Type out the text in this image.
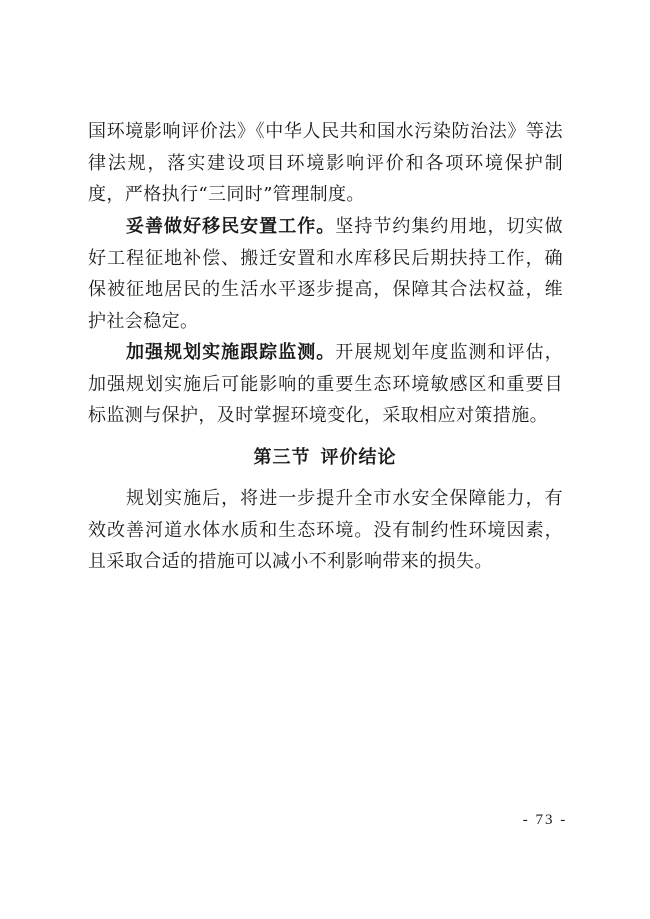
国环境影响评价法》《中华人民共和国水污染防治法》等法律法规，落实建设项目环境影响评价和各项环境保护制度，严格执行“三同时”管理制度。

妥善做好移民安置工作。坚持节约集约用地，切实做好工程征地补偿、搬迁安置和水库移民后期扶持工作，确保被征地居民的生活水平逐步提高，保障其合法权益，维护社会稳定。

加强规划实施跟踪监测。开展规划年度监测和评估，加强规划实施后可能影响的重要生态环境敏感区和重要目标监测与保护，及时掌握环境变化，采取相应对策措施。

第三节 评价结论

规划实施后，将进一步提升全市水安全保障能力，有效改善河道水体水质和生态环境。没有制约性环境因素，且采取合适的措施可以减小不利影响带来的损失。

- 73 -
